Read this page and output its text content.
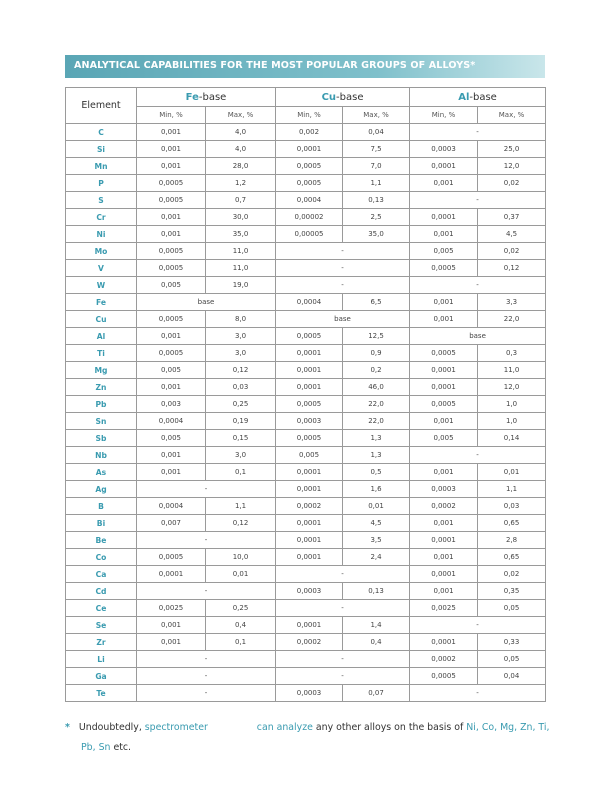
ANALYTICAL CAPABILITIES FOR THE MOST POPULAR GROUPS OF ALLOYS*
Element	Fe-base		Cu-base		Al-base	
	Min, %	Max, %	Min, %	Max, %	Min, %	Max, %
C	0,001	4,0	0,002	0,04	-	
Si	0,001	4,0	0,0001	7,5	0,0003	25,0
Mn	0,001	28,0	0,0005	7,0	0,0001	12,0
P	0,0005	1,2	0,0005	1,1	0,001	0,02
S	0,0005	0,7	0,0004	0,13	-	
Cr	0,001	30,0	0,00002	2,5	0,0001	0,37
Ni	0,001	35,0	0,00005	35,0	0,001	4,5
Mo	0,0005	11,0	-		0,005	0,02
V	0,0005	11,0	-		0,0005	0,12
W	0,005	19,0	-		-	
Fe	base		0,0004	6,5	0,001	3,3
Cu	0,0005	8,0	base		0,001	22,0
Al	0,001	3,0	0,0005	12,5	base	
Ti	0,0005	3,0	0,0001	0,9	0,0005	0,3
Mg	0,005	0,12	0,0001	0,2	0,0001	11,0
Zn	0,001	0,03	0,0001	46,0	0,0001	12,0
Pb	0,003	0,25	0,0005	22,0	0,0005	1,0
Sn	0,0004	0,19	0,0003	22,0	0,001	1,0
Sb	0,005	0,15	0,0005	1,3	0,005	0,14
Nb	0,001	3,0	0,005	1,3	-	
As	0,001	0,1	0,0001	0,5	0,001	0,01
Ag	-		0,0001	1,6	0,0003	1,1
B	0,0004	1,1	0,0002	0,01	0,0002	0,03
Bi	0,007	0,12	0,0001	4,5	0,001	0,65
Be	-		0,0001	3,5	0,0001	2,8
Co	0,0005	10,0	0,0001	2,4	0,001	0,65
Ca	0,0001	0,01	-		0,0001	0,02
Cd	-		0,0003	0,13	0,001	0,35
Ce	0,0025	0,25	-		0,0025	0,05
Se	0,001	0,4	0,0001	1,4	-	
Zr	0,001	0,1	0,0002	0,4	0,0001	0,33
Li	-		-		0,0002	0,05
Ga	-		-		0,0005	0,04
Te	-		0,0003	0,07	-	
* Undoubtedly, spectrometer	can analyze any other alloys on the basis of Ni, Co, Mg, Zn, Ti,
Pb, Sn etc.
